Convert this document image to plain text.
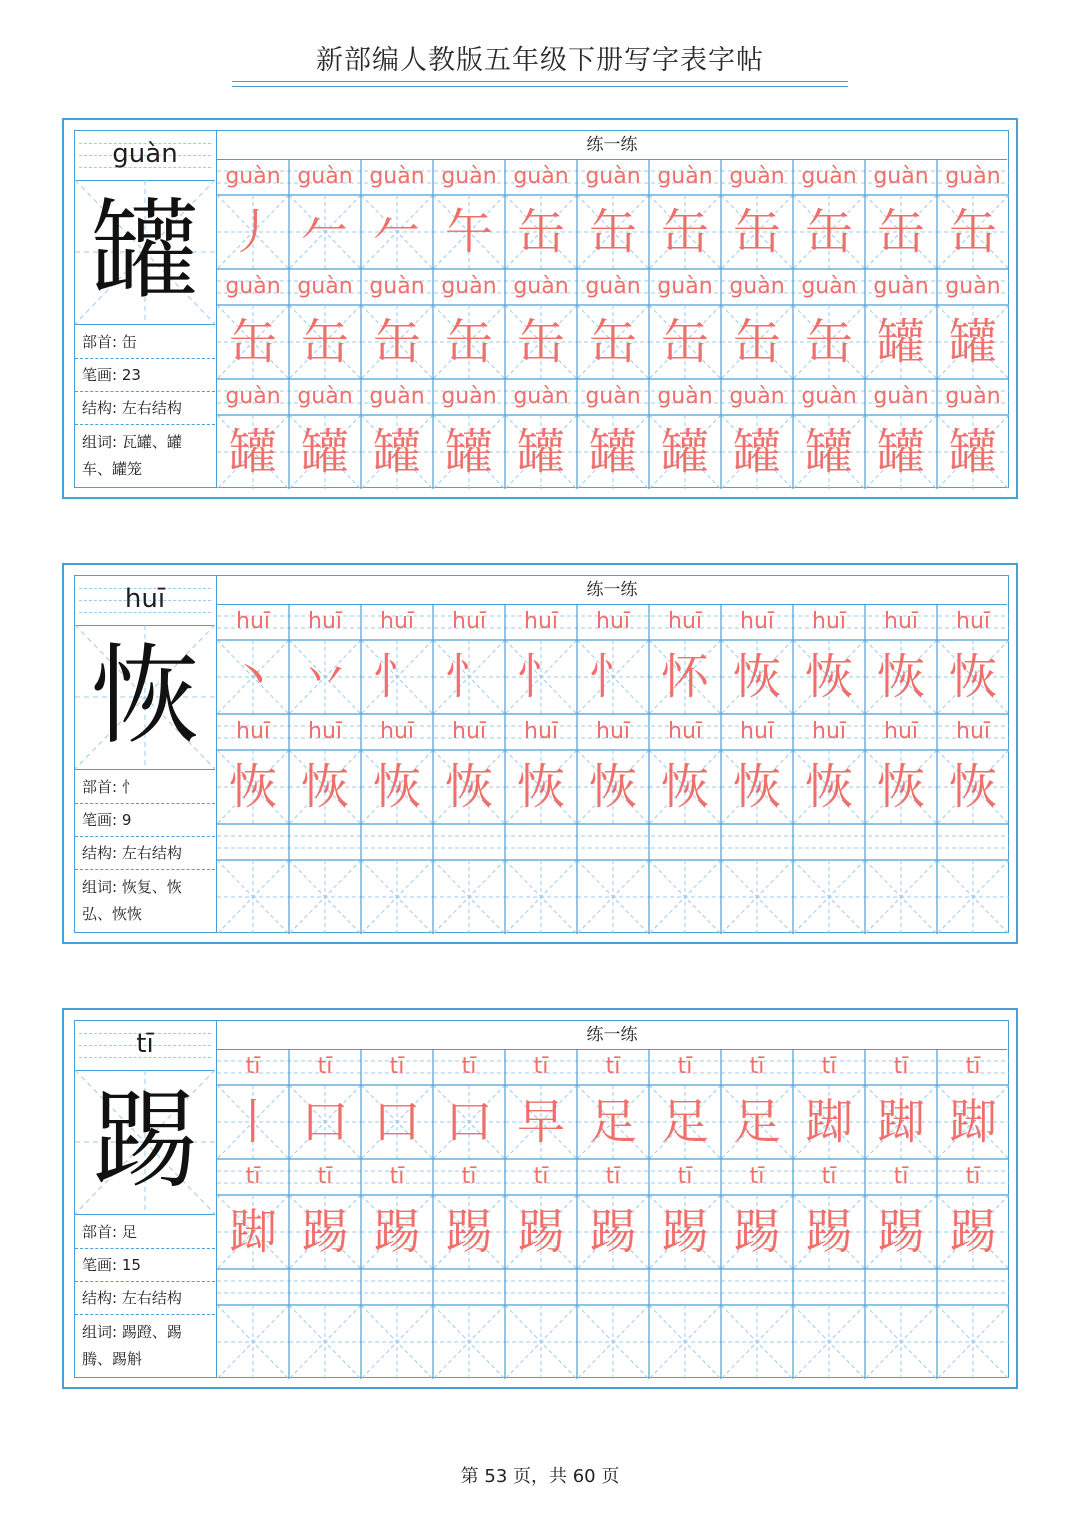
新部编人教版五年级下册写字表字帖
guàn
罐
部首: 缶
笔画: 23
结构: 左右结构
组词: 瓦罐、罐
车、罐笼
练一练
guàn guàn guàn guàn guàn guàn guàn guàn guàn guàn guàn
丿 𠂉 𠂉 午 缶 缶 缶 缶 缶 缶 缶
guàn guàn guàn guàn guàn guàn guàn guàn guàn guàn guàn
缶 缶 缶 缶 缶 缶 缶 缶 缶 罐 罐
guàn guàn guàn guàn guàn guàn guàn guàn guàn guàn guàn
罐 罐 罐 罐 罐 罐 罐 罐 罐 罐 罐
huī
恢
部首: 忄
笔画: 9
结构: 左右结构
组词: 恢复、恢
弘、恢恢
练一练
huī	huī	huī	huī	huī	huī	huī	huī	huī	huī	huī
丶 丷 忄 忄 忄 忄 怀 恢 恢 恢 恢
huī	huī	huī	huī	huī	huī	huī	huī	huī	huī	huī
恢 恢 恢 恢 恢 恢 恢 恢 恢 恢 恢
tī
踢
部首: 足
笔画: 15
结构: 左右结构
组词: 踢蹬、踢
腾、踢斛
练一练
tī	tī	tī	tī	tī	tī	tī	tī	tī	tī	tī
丨 口 口 口 早 足 足 足 踋 踋 踋
tī	tī	tī	tī	tī	tī	tī	tī	tī	tī	tī
踋 踢 踢 踢 踢 踢 踢 踢 踢 踢 踢
第 53 页，共 60 页
